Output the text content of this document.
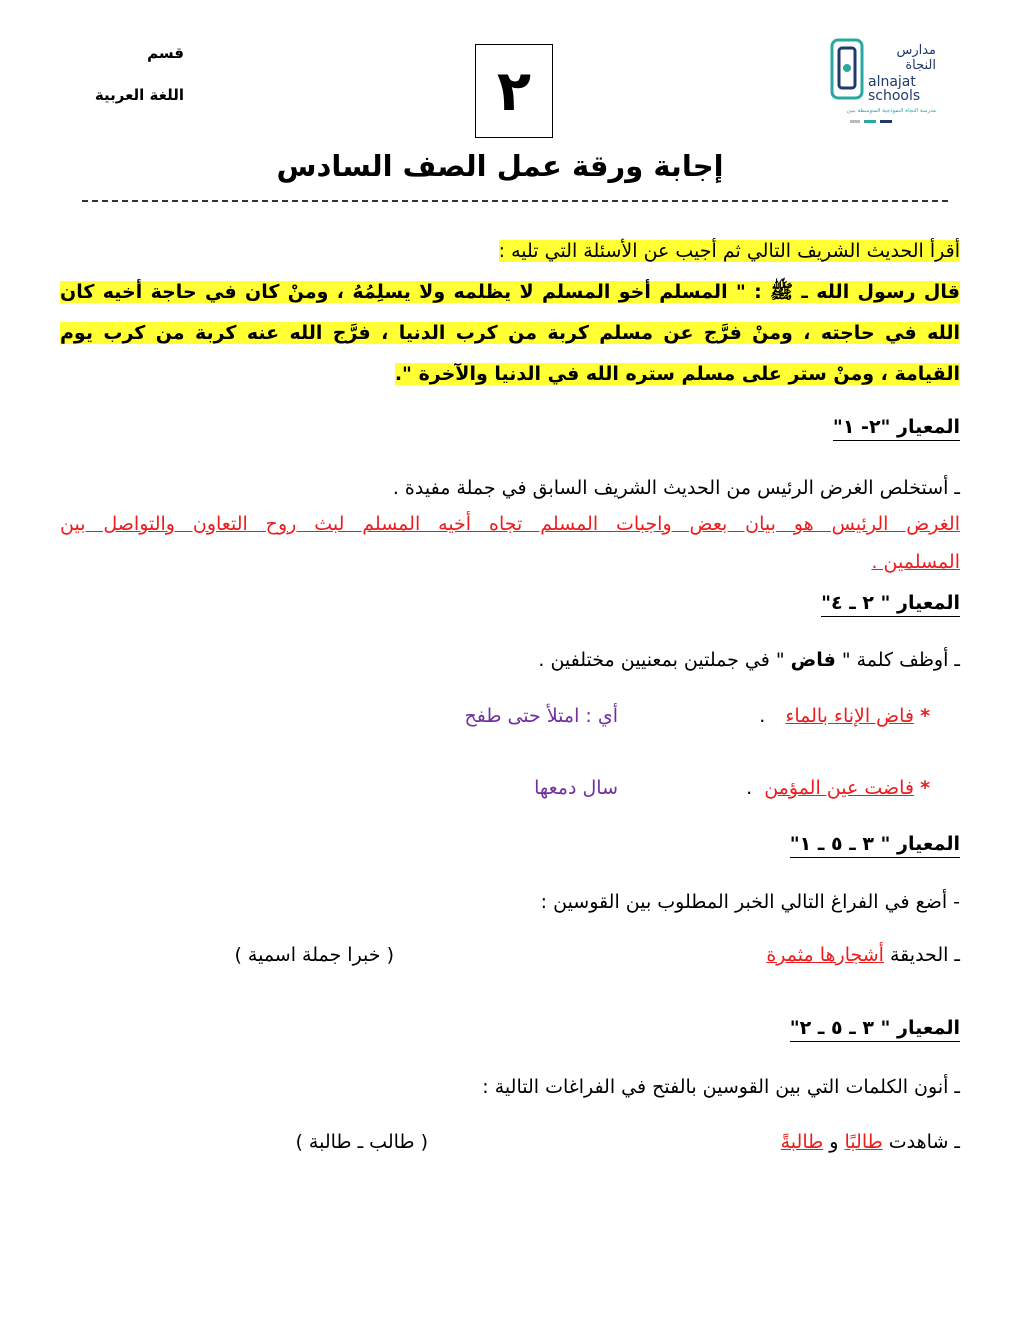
قسم
اللغة العربية	٢
مدارس
النجاة
alnajat
schools
مدرسة النجاة النموذجية المتوسطة بنين
إجابة ورقة عمل الصف السادس
أقرأ الحديث الشريف التالي ثم أجيب عن الأسئلة التي تليه :
قال رسول الله ـ ﷺ : " المسلم أخو المسلم لا يظلمه ولا يسلِمُهُ ، ومنْ كان في حاجة أخيه كان
الله في حاجته ، ومنْ فرَّج عن مسلم كربة من كرب الدنيا ، فرَّج الله عنه كربة من كرب يوم
القيامة ، ومنْ ستر على مسلم ستره الله في الدنيا والآخرة ".
المعيار "٢- ١"
ـ أستخلص الغرض الرئيس من الحديث الشريف السابق في جملة مفيدة .
الغرض الرئيس هو بيان بعض واجبات المسلم تجاه أخيه المسلم لبث روح التعاون والتواصل بين
المسلمين .
المعيار " ٢ ـ ٤"
ـ أوظف كلمة " فاض " في جملتين بمعنيين مختلفين .
* فاض الإناء بالماء .
أي : امتلأ حتى طفح
* فاضت عين المؤمن .
سال دمعها
المعيار " ٣ ـ ٥ ـ ١"
- أضع في الفراغ التالي الخبر المطلوب بين القوسين :
ـ الحديقة أشجارها مثمرة
( خبرا جملة اسمية )
المعيار " ٣ ـ ٥ ـ ٢"
ـ أنون الكلمات التي بين القوسين بالفتح في الفراغات التالية :
ـ شاهدت طالبًا و طالبةً
( طالب ـ طالبة )
